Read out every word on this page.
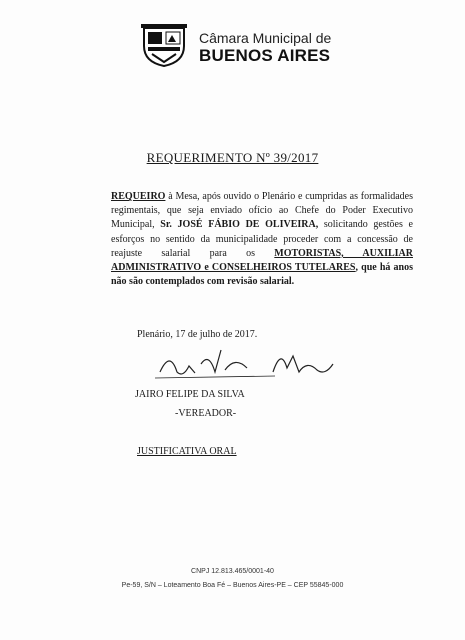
Câmara Municipal de
BUENOS AIRES
REQUERIMENTO Nº 39/2017
REQUEIRO à Mesa, após ouvido o Plenário e cumpridas as formalidades regimentais, que seja enviado ofício ao Chefe do Poder Executivo Municipal, Sr. JOSÉ FÁBIO DE OLIVEIRA, solicitando gestões e esforços no sentido da municipalidade proceder com a concessão de reajuste salarial para os MOTORISTAS, AUXILIAR ADMINISTRATIVO e CONSELHEIROS TUTELARES, que há anos não são contemplados com revisão salarial.
Plenário, 17 de julho de 2017.
JAIRO FELIPE DA SILVA
-VEREADOR-
JUSTIFICATIVA ORAL
CNPJ 12.813.465/0001-40
Pe-59, S/N – Loteamento Boa Fé – Buenos Aires-PE – CEP 55845-000
